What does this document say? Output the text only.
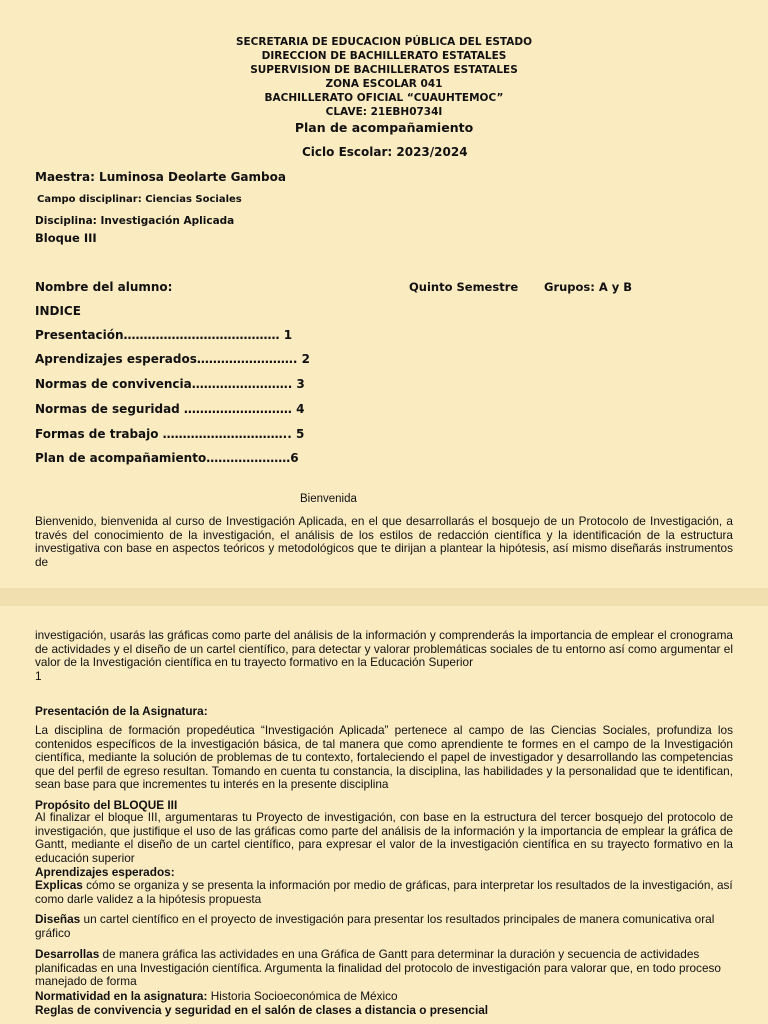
SECRETARIA DE EDUCACION PÚBLICA DEL ESTADO
DIRECCION DE BACHILLERATO ESTATALES
SUPERVISION DE BACHILLERATOS ESTATALES
ZONA ESCOLAR 041
BACHILLERATO OFICIAL “CUAUHTEMOC”
CLAVE: 21EBH0734I
Plan de acompañamiento
Ciclo Escolar: 2023/2024
Maestra: Luminosa Deolarte Gamboa
Campo disciplinar: Ciencias Sociales
Disciplina: Investigación Aplicada
Bloque III
Nombre del alumno:	Quinto Semestre Grupos: A y B
INDICE
Presentación………………………………… 1
Aprendizajes esperados……………………. 2
Normas de convivencia……………………. 3
Normas de seguridad ……………………… 4
Formas de trabajo ………………………….. 5
Plan de acompañamiento…………………6
Bienvenida
Bienvenido, bienvenida al curso de Investigación Aplicada, en el que desarrollarás el bosquejo de un Protocolo de Investigación, a través del conocimiento de la investigación, el análisis de los estilos de redacción científica y la identificación de la estructura investigativa con base en aspectos teóricos y metodológicos que te dirijan a plantear la hipótesis, así mismo diseñarás instrumentos de
investigación, usarás las gráficas como parte del análisis de la información y comprenderás la importancia de emplear el cronograma de actividades y el diseño de un cartel científico, para detectar y valorar problemáticas sociales de tu entorno así como argumentar el valor de la Investigación científica en tu trayecto formativo en la Educación Superior
1
Presentación de la Asignatura:
La disciplina de formación propedéutica “Investigación Aplicada” pertenece al campo de las Ciencias Sociales, profundiza los contenidos específicos de la investigación básica, de tal manera que como aprendiente te formes en el campo de la Investigación científica, mediante la solución de problemas de tu contexto, fortaleciendo el papel de investigador y desarrollando las competencias que del perfil de egreso resultan. Tomando en cuenta tu constancia, la disciplina, las habilidades y la personalidad que te identifican, sean base para que incrementes tu interés en la presente disciplina
Propósito del BLOQUE III
Al finalizar el bloque III, argumentaras tu Proyecto de investigación, con base en la estructura del tercer bosquejo del protocolo de investigación, que justifique el uso de las gráficas como parte del análisis de la información y la importancia de emplear la gráfica de Gantt, mediante el diseño de un cartel científico, para expresar el valor de la investigación científica en su trayecto formativo en la educación superior
Aprendizajes esperados:
Explicas cómo se organiza y se presenta la información por medio de gráficas, para interpretar los resultados de la investigación, así como darle validez a la hipótesis propuesta
Diseñas un cartel científico en el proyecto de investigación para presentar los resultados principales de manera comunicativa oral gráfico
Desarrollas de manera gráfica las actividades en una Gráfica de Gantt para determinar la duración y secuencia de actividades planificadas en una Investigación científica. Argumenta la finalidad del protocolo de investigación para valorar que, en todo proceso manejado de forma
Normatividad en la asignatura: Historia Socioeconómica de México
Reglas de convivencia y seguridad en el salón de clases a distancia o presencial
